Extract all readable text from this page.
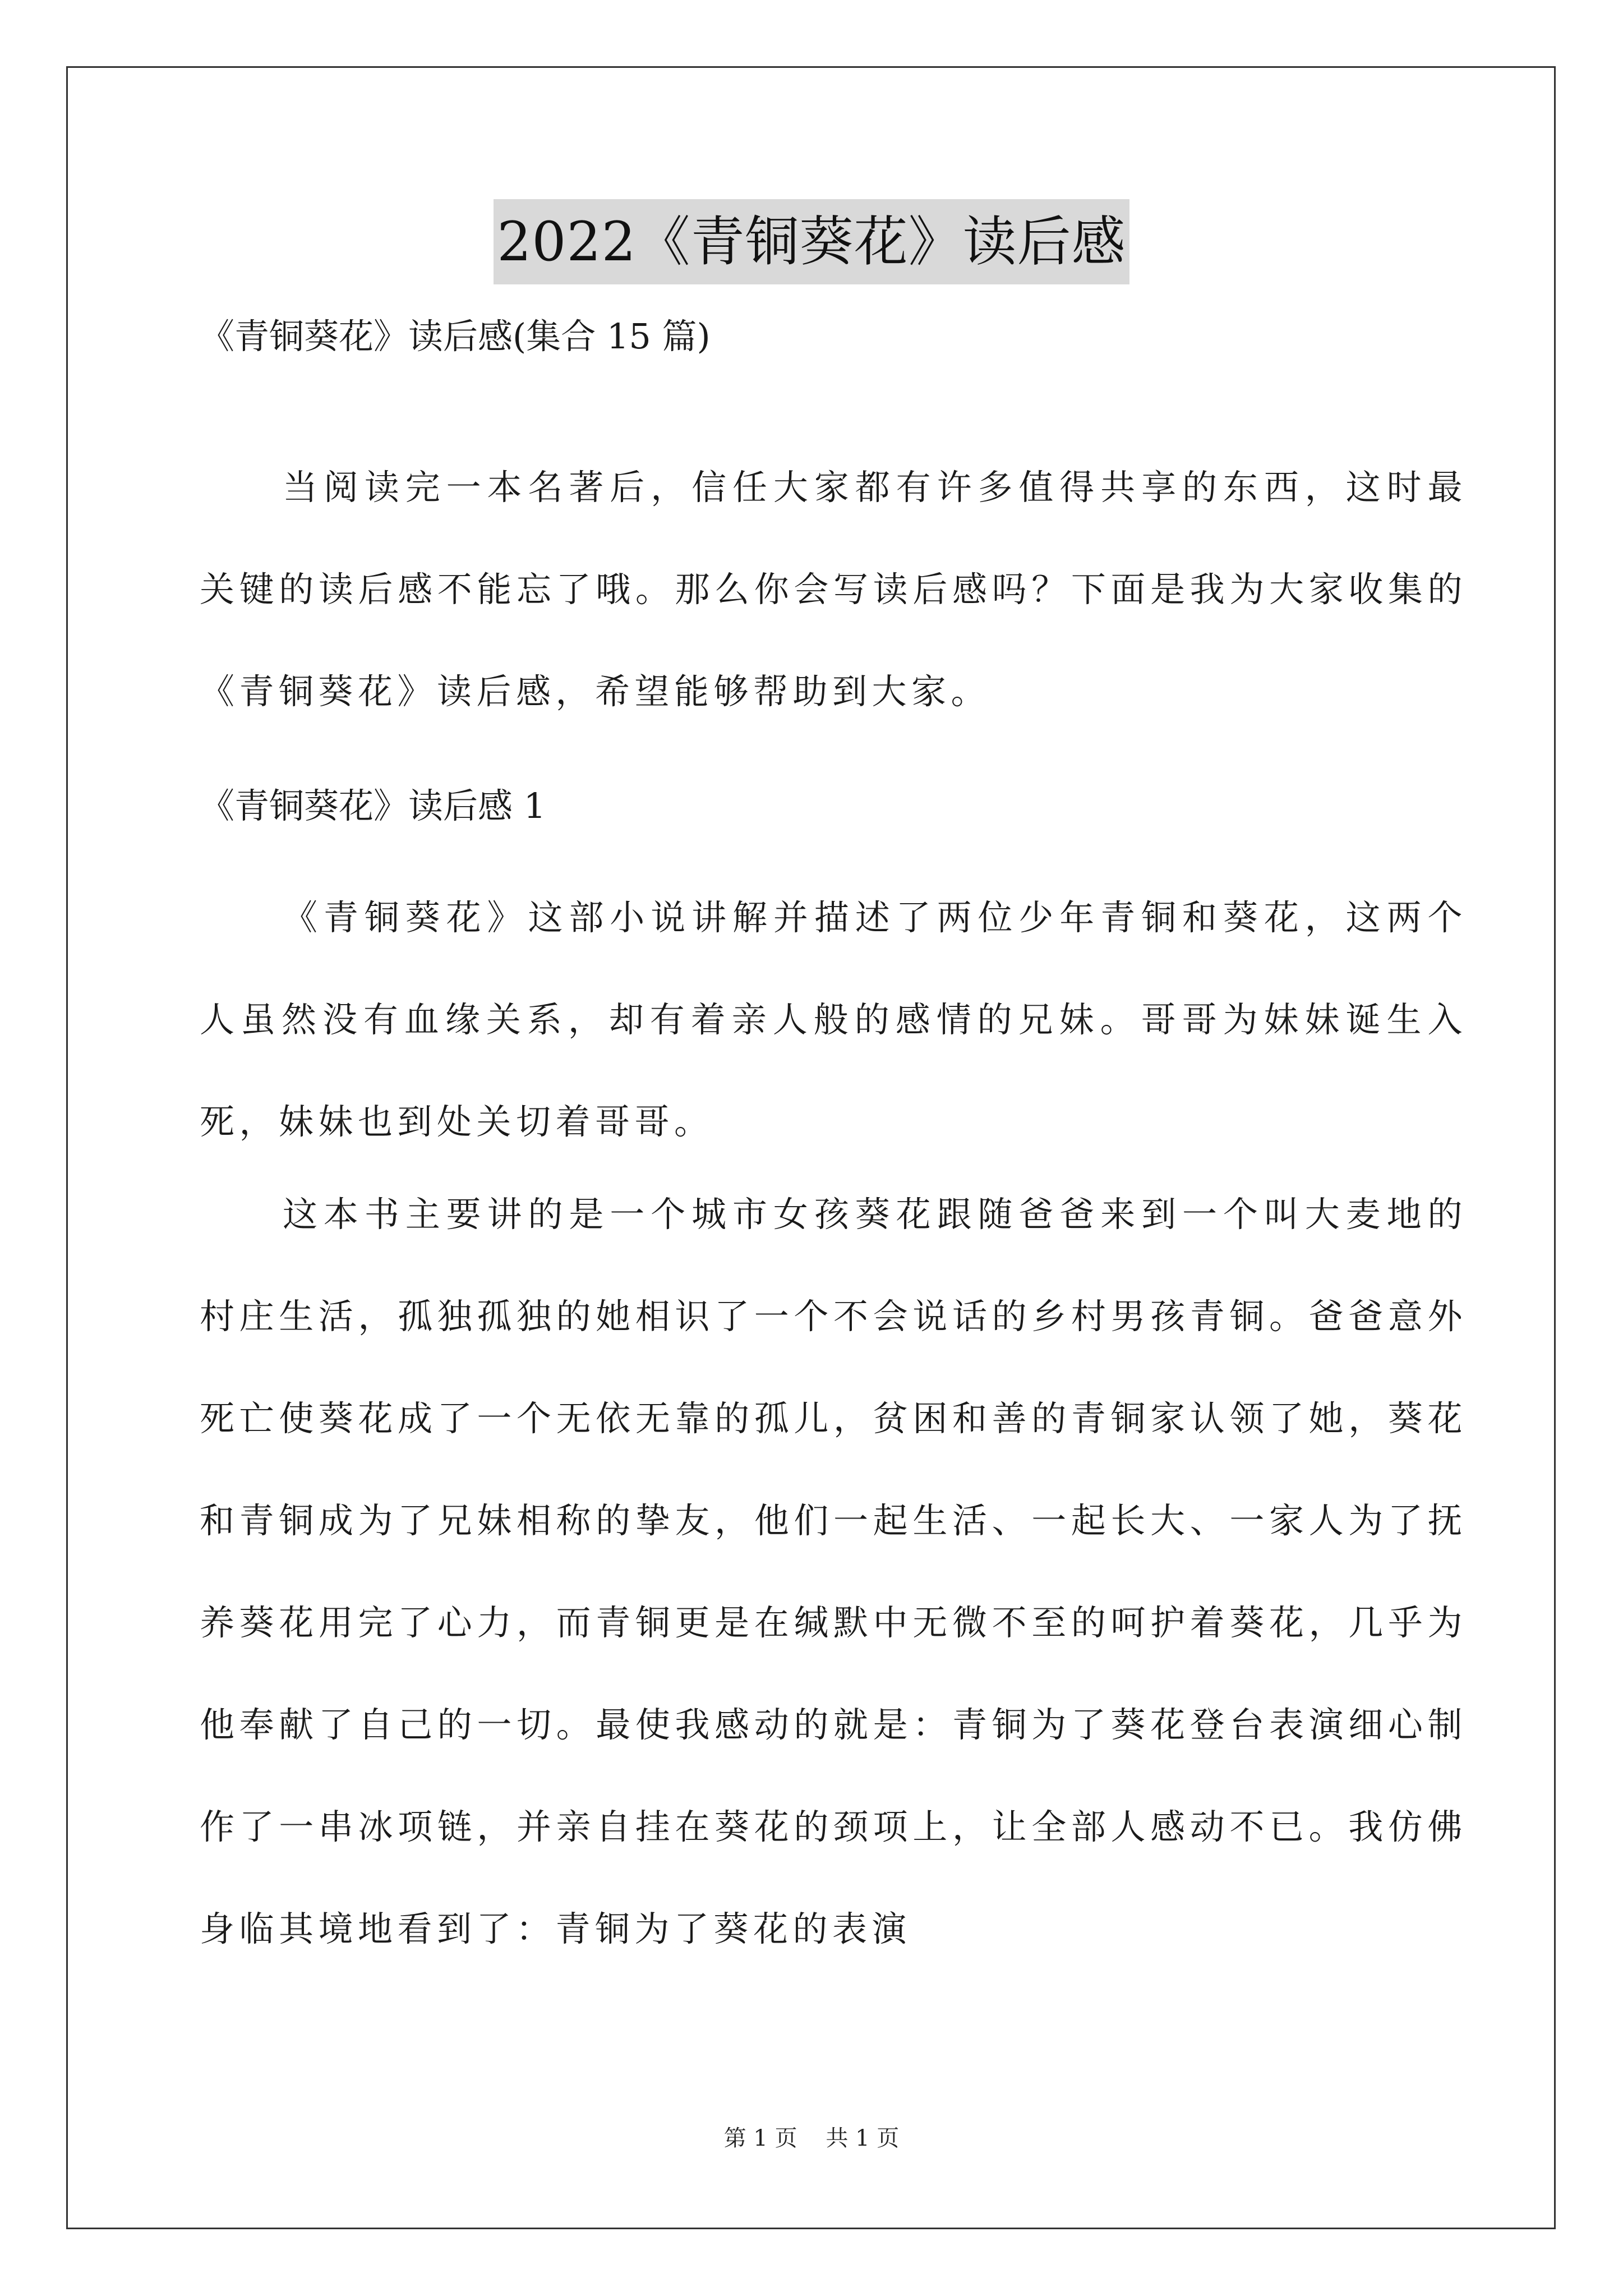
2022《青铜葵花》读后感
《青铜葵花》读后感(集合 15 篇)

当阅读完一本名著后，信任大家都有许多值得共享的东西，这时最关键的读后感不能忘了哦。那么你会写读后感吗？下面是我为大家收集的《青铜葵花》读后感，希望能够帮助到大家。

《青铜葵花》读后感 1

《青铜葵花》这部小说讲解并描述了两位少年青铜和葵花，这两个人虽然没有血缘关系，却有着亲人般的感情的兄妹。哥哥为妹妹诞生入死，妹妹也到处关切着哥哥。

这本书主要讲的是一个城市女孩葵花跟随爸爸来到一个叫大麦地的村庄生活，孤独孤独的她相识了一个不会说话的乡村男孩青铜。爸爸意外死亡使葵花成了一个无依无靠的孤儿，贫困和善的青铜家认领了她，葵花和青铜成为了兄妹相称的挚友，他们一起生活、一起长大、一家人为了抚养葵花用完了心力，而青铜更是在缄默中无微不至的呵护着葵花，几乎为他奉献了自己的一切。最使我感动的就是：青铜为了葵花登台表演细心制作了一串冰项链，并亲自挂在葵花的颈项上，让全部人感动不已。我仿佛身临其境地看到了：青铜为了葵花的表演

第 1 页    共 1 页
